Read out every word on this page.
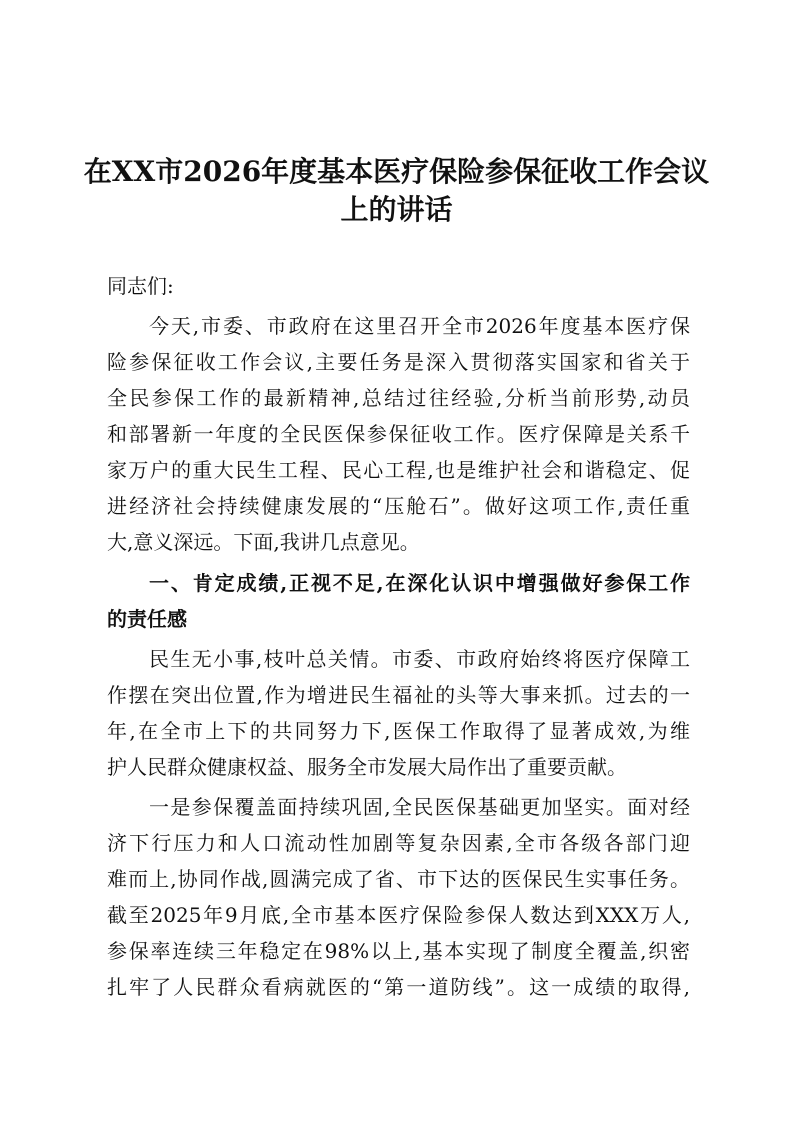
在XX市2026年度基本医疗保险参保征收工作会议
上的讲话
同志们:
今天,市委、市政府在这里召开全市2026年度基本医疗保
险参保征收工作会议,主要任务是深入贯彻落实国家和省关于
全民参保工作的最新精神,总结过往经验,分析当前形势,动员
和部署新一年度的全民医保参保征收工作。医疗保障是关系千
家万户的重大民生工程、民心工程,也是维护社会和谐稳定、促
进经济社会持续健康发展的“压舱石”。做好这项工作,责任重
大,意义深远。下面,我讲几点意见。
一、肯定成绩,正视不足,在深化认识中增强做好参保工作
的责任感
民生无小事,枝叶总关情。市委、市政府始终将医疗保障工
作摆在突出位置,作为增进民生福祉的头等大事来抓。过去的一
年,在全市上下的共同努力下,医保工作取得了显著成效,为维
护人民群众健康权益、服务全市发展大局作出了重要贡献。
一是参保覆盖面持续巩固,全民医保基础更加坚实。面对经
济下行压力和人口流动性加剧等复杂因素,全市各级各部门迎
难而上,协同作战,圆满完成了省、市下达的医保民生实事任务。
截至2025年9月底,全市基本医疗保险参保人数达到XXX万人,
参保率连续三年稳定在98%以上,基本实现了制度全覆盖,织密
扎牢了人民群众看病就医的“第一道防线”。这一成绩的取得,
